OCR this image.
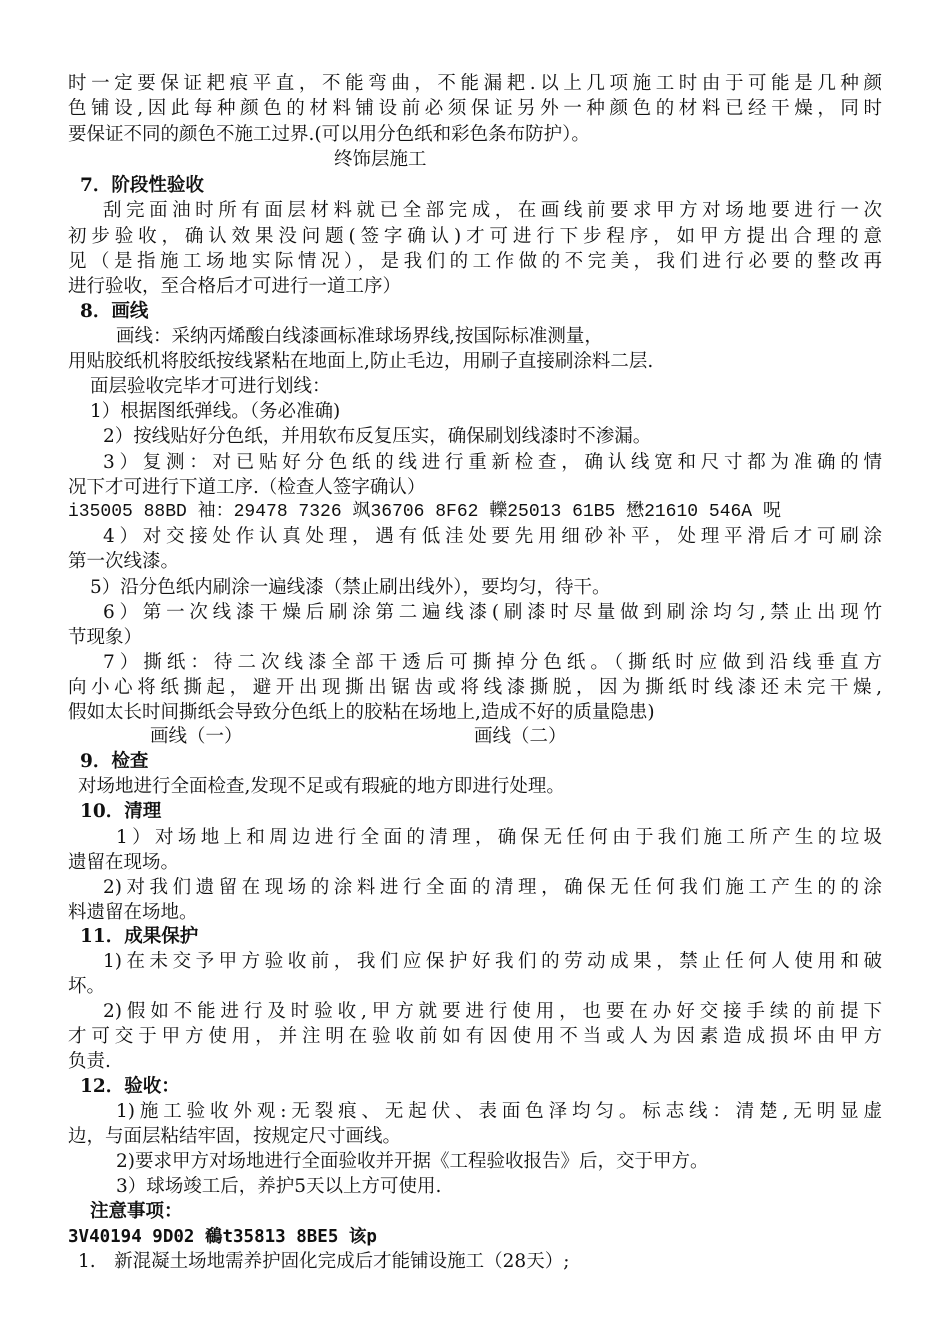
时一定要保证耙痕平直，不能弯曲，不能漏耙.以上几项施工时由于可能是几种颜
色铺设,因此每种颜色的材料铺设前必须保证另外一种颜色的材料已经干燥，同时
要保证不同的颜色不施工过界.(可以用分色纸和彩色条布防护）。
终饰层施工
7．阶段性验收
刮完面油时所有面层材料就已全部完成，在画线前要求甲方对场地要进行一次
初步验收，确认效果没问题(签字确认)才可进行下步程序，如甲方提出合理的意
见（是指施工场地实际情况），是我们的工作做的不完美，我们进行必要的整改再
进行验收，至合格后才可进行一道工序）
8．画线
画线：采纳丙烯酸白线漆画标准球场界线,按国际标准测量，
用贴胶纸机将胶纸按线紧粘在地面上,防止毛边，用刷子直接刷涂料二层.
面层验收完毕才可进行划线：
1）根据图纸弹线。（务必准确)
2）按线贴好分色纸，并用软布反复压实，确保刷划线漆时不渗漏。
3）复测：对已贴好分色纸的线进行重新检查，确认线宽和尺寸都为准确的情
况下才可进行下道工序.（检查人签字确认）
i35005 88BD 袖：29478 7326 飒36706 8F62 轢25013 61B5 懋21610 546A 呪
4）对交接处作认真处理，遇有低洼处要先用细砂补平，处理平滑后才可刷涂
第一次线漆。
5）沿分色纸内刷涂一遍线漆（禁止刷出线外），要均匀，待干。
6）第一次线漆干燥后刷涂第二遍线漆(刷漆时尽量做到刷涂均匀,禁止出现竹
节现象）
7）撕纸：待二次线漆全部干透后可撕掉分色纸。（撕纸时应做到沿线垂直方
向小心将纸撕起，避开出现撕出锯齿或将线漆撕脱，因为撕纸时线漆还未完干燥,
假如太长时间撕纸会导致分色纸上的胶粘在场地上,造成不好的质量隐患)
画线（一）	画线（二）
9．检查
对场地进行全面检查,发现不足或有瑕疵的地方即进行处理。
10．清理
1）对场地上和周边进行全面的清理，确保无任何由于我们施工所产生的垃圾
遗留在现场。
2)对我们遗留在现场的涂料进行全面的清理，确保无任何我们施工产生的的涂
料遗留在场地。
11．成果保护
1)在未交予甲方验收前，我们应保护好我们的劳动成果，禁止任何人使用和破
坏。
2)假如不能进行及时验收,甲方就要进行使用，也要在办好交接手续的前提下
才可交于甲方使用，并注明在验收前如有因使用不当或人为因素造成损坏由甲方
负责.
12．验收：
1)施工验收外观:无裂痕、无起伏、表面色泽均匀。标志线：清楚,无明显虚
边，与面层粘结牢固，按规定尺寸画线。
2)要求甲方对场地进行全面验收并开据《工程验收报告》后，交于甲方。
3）球场竣工后，养护5天以上方可使用.
注意事项：
3V40194 9D02 鵗t35813 8BE5 该p
1.　新混凝土场地需养护固化完成后才能铺设施工（28天）;
